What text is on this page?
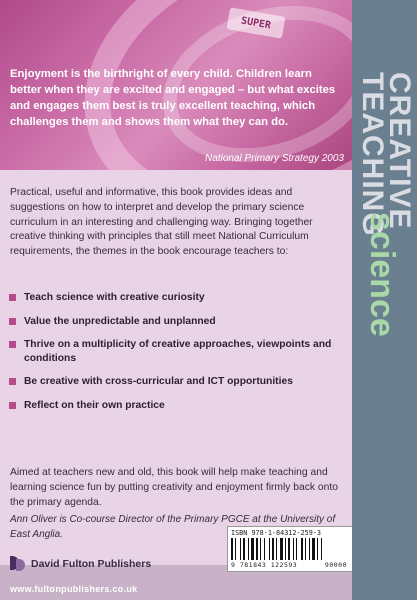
SUPER
Enjoyment is the birthright of every child. Children learn better when they are excited and engaged – but what excites and engages them best is truly excellent teaching, which challenges them and shows them what they can do.
National Primary Strategy 2003
Practical, useful and informative, this book provides ideas and suggestions on how to interpret and develop the primary science curriculum in an interesting and challenging way. Bringing together creative thinking with principles that still meet National Curriculum requirements, the themes in the book encourage teachers to:
Teach science with creative curiosity
Value the unpredictable and unplanned
Thrive on a multiplicity of creative approaches, viewpoints and conditions
Be creative with cross-curricular and ICT opportunities
Reflect on their own practice
Aimed at teachers new and old, this book will help make teaching and learning science fun by putting creativity and enjoyment firmly back onto the primary agenda.
Ann Oliver is Co-course Director of the Primary PGCE at the University of East Anglia.	ISBN 978-1-84312-259-3
9 781843 122593	90000
David Fulton Publishers
www.fultonpublishers.co.uk
CREATIVE
TEACHING
science
